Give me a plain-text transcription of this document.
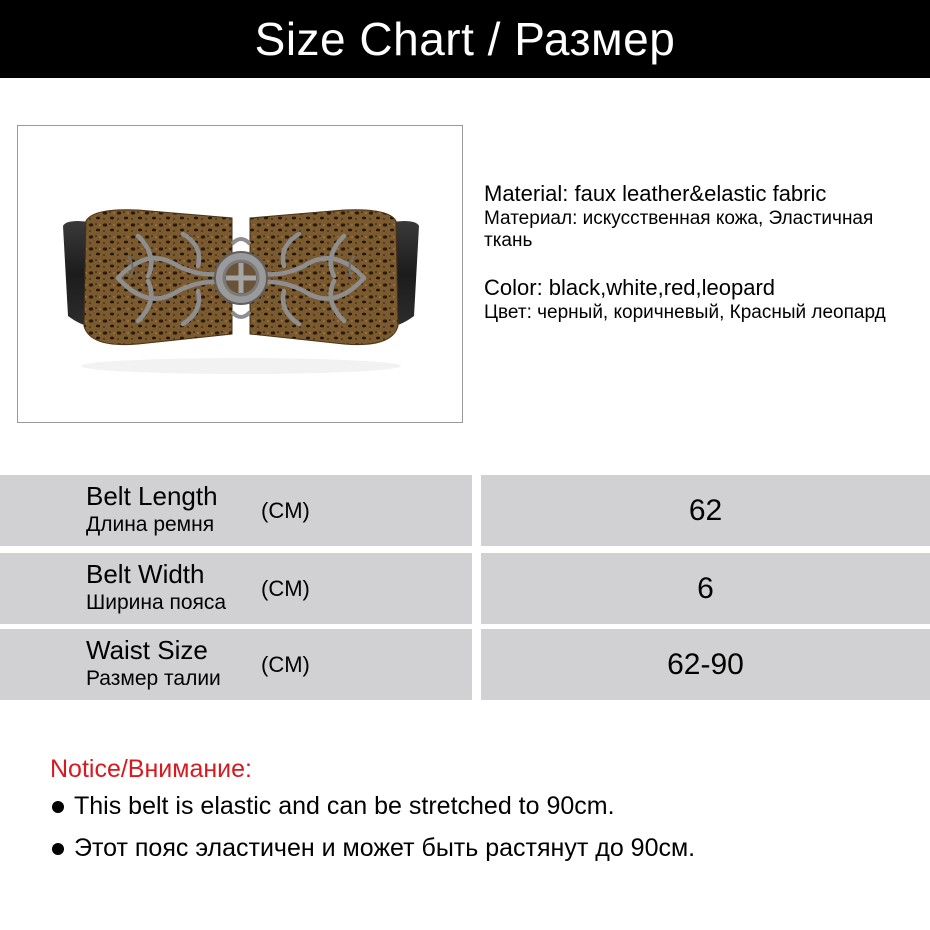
Size Chart / Размер

Material: faux leather&elastic fabric

Материал: искусственная кожа, Эластичная ткань

Color: black,white,red,leopard

Цвет: черный, коричневый, Красный леопард

Belt Length
Длина ремня
(CM)	62
Belt Width
Ширина пояса
(CM)	6
Waist Size
Размер талии
(CM)	62-90
Notice/Внимание:
This belt is elastic and can be stretched to 90cm.
Этот пояс эластичен и может быть растянут до 90см.
